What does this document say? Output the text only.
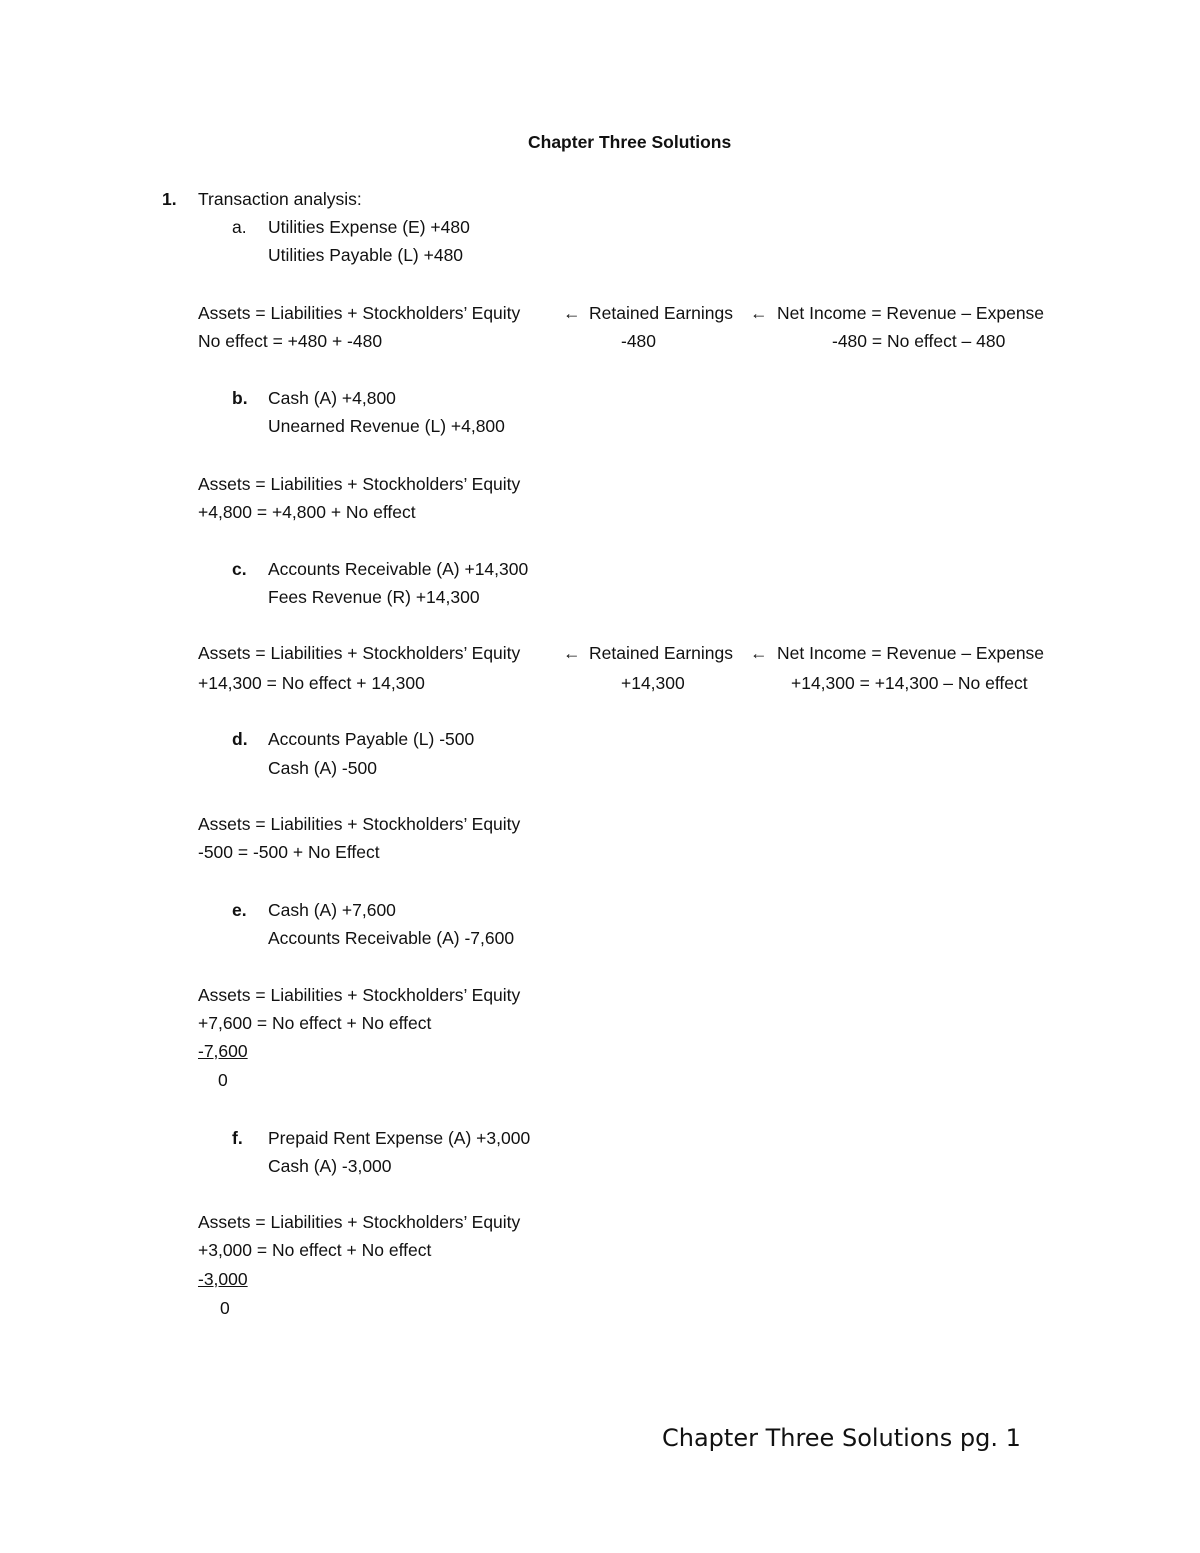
Chapter Three Solutions
1. Transaction analysis:
a. Utilities Expense (E) +480
Utilities Payable (L) +480
Assets = Liabilities + Stockholders’ Equity ← Retained Earnings ← Net Income = Revenue – Expense
No effect = +480 + -480	-480	-480 = No effect – 480
b. Cash (A) +4,800
Unearned Revenue (L) +4,800
Assets = Liabilities + Stockholders’ Equity
+4,800 = +4,800 + No effect
c. Accounts Receivable (A) +14,300
Fees Revenue (R) +14,300
Assets = Liabilities + Stockholders’ Equity ← Retained Earnings ← Net Income = Revenue – Expense
+14,300 = No effect + 14,300	+14,300	+14,300 = +14,300 – No effect
d. Accounts Payable (L) -500
Cash (A) -500
Assets = Liabilities + Stockholders’ Equity
-500 = -500 + No Effect
e. Cash (A) +7,600
Accounts Receivable (A) -7,600
Assets = Liabilities + Stockholders’ Equity
+7,600 = No effect + No effect
-7,600
0
f. Prepaid Rent Expense (A) +3,000
Cash (A) -3,000
Assets = Liabilities + Stockholders’ Equity
+3,000 = No effect + No effect
-3,000
0
Chapter Three Solutions pg. 1
